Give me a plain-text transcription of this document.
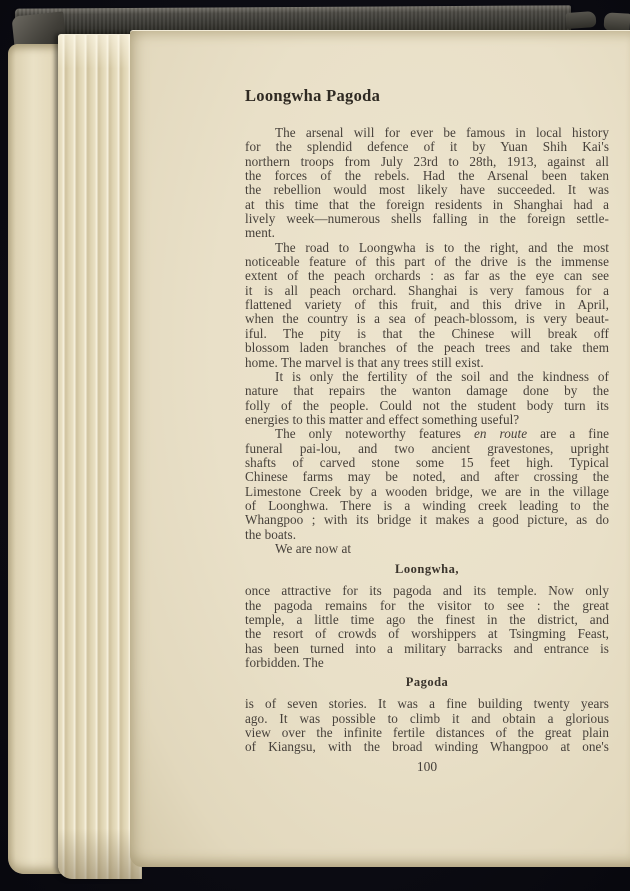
Loongwha Pagoda
The arsenal will for ever be famous in local history
for the splendid defence of it by Yuan Shih Kai's
northern troops from July 23rd to 28th, 1913, against all
the forces of the rebels. Had the Arsenal been taken
the rebellion would most likely have succeeded. It was
at this time that the foreign residents in Shanghai had a
lively week—numerous shells falling in the foreign settle-
ment.
The road to Loongwha is to the right, and the most
noticeable feature of this part of the drive is the immense
extent of the peach orchards : as far as the eye can see
it is all peach orchard. Shanghai is very famous for a
flattened variety of this fruit, and this drive in April,
when the country is a sea of peach-blossom, is very beaut-
iful. The pity is that the Chinese will break off
blossom laden branches of the peach trees and take them
home. The marvel is that any trees still exist.
It is only the fertility of the soil and the kindness of
nature that repairs the wanton damage done by the
folly of the people. Could not the student body turn its
energies to this matter and effect something useful?
The only noteworthy features en route are a fine
funeral pai-lou, and two ancient gravestones, upright
shafts of carved stone some 15 feet high. Typical
Chinese farms may be noted, and after crossing the
Limestone Creek by a wooden bridge, we are in the village
of Loonghwa. There is a winding creek leading to the
Whangpoo ; with its bridge it makes a good picture, as do
the boats.
We are now at
Loongwha,
once attractive for its pagoda and its temple. Now only
the pagoda remains for the visitor to see : the great
temple, a little time ago the finest in the district, and
the resort of crowds of worshippers at Tsingming Feast,
has been turned into a military barracks and entrance is
forbidden. The
Pagoda
is of seven stories. It was a fine building twenty years
ago. It was possible to climb it and obtain a glorious
view over the infinite fertile distances of the great plain
of Kiangsu, with the broad winding Whangpoo at one's
100
